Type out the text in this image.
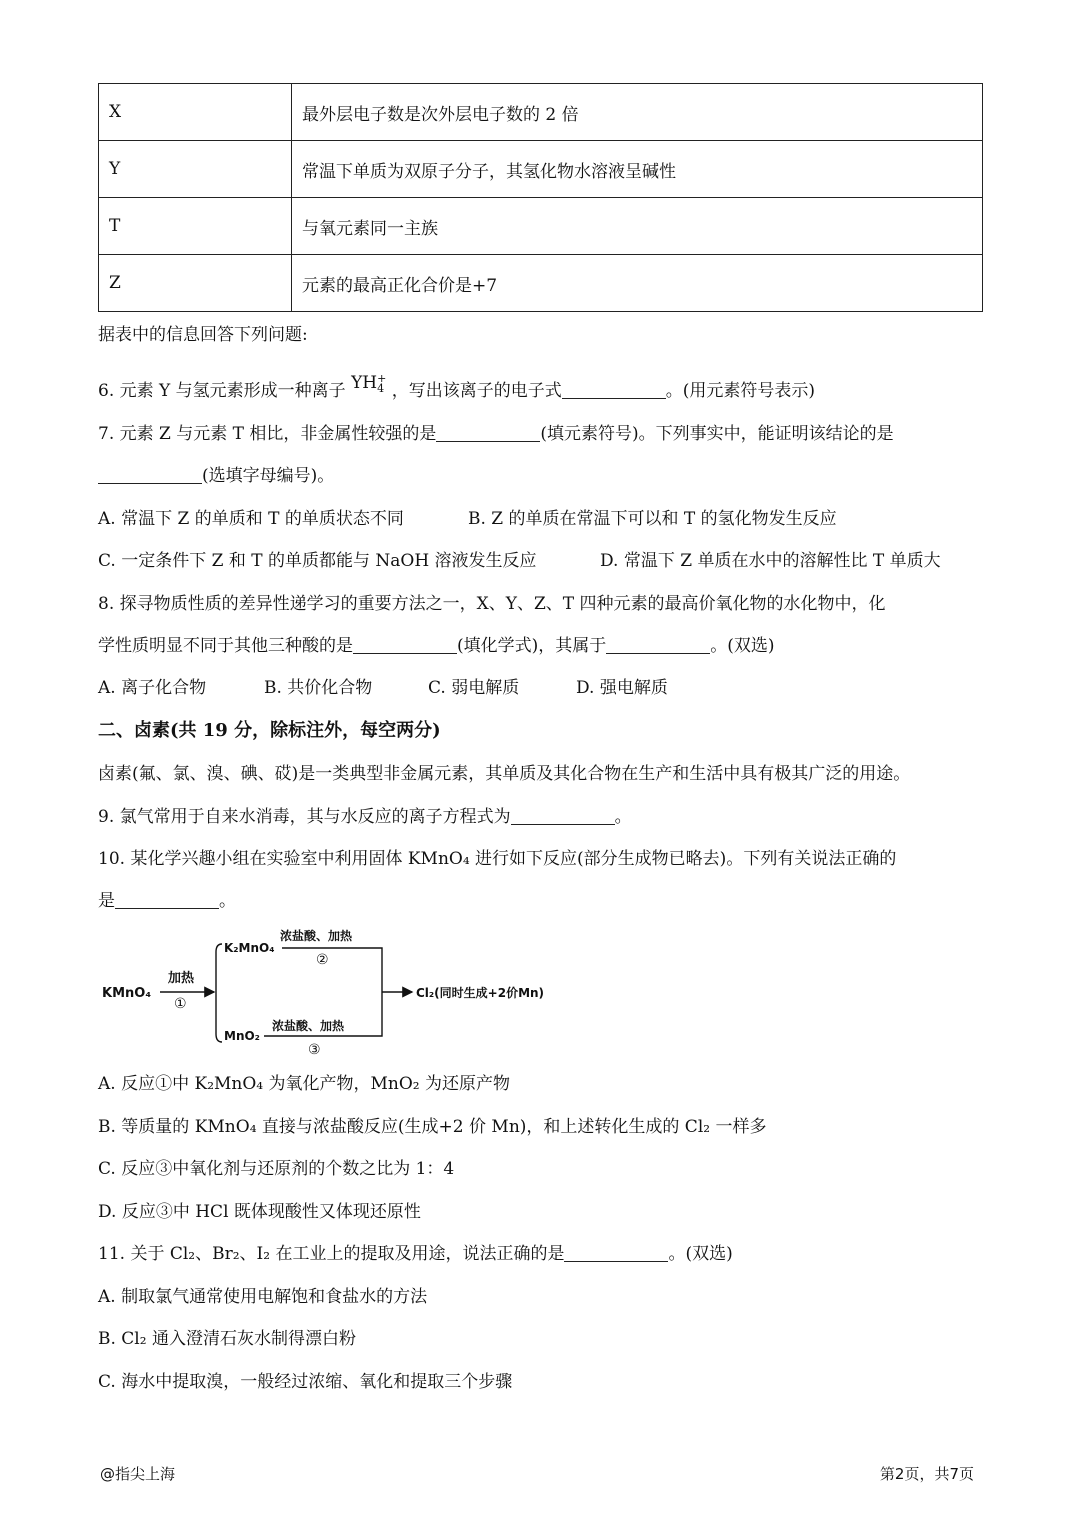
X	最外层电子数是次外层电子数的 2 倍
Y	常温下单质为双原子分子，其氢化物水溶液呈碱性
T	与氧元素同一主族
Z	元素的最高正化合价是+7
据表中的信息回答下列问题:
6. 元素 Y 与氢元素形成一种离子 YH +
4 ，写出该离子的电子式	。(用元素符号表示)
7. 元素 Z 与元素 T 相比，非金属性较强的是	(填元素符号)。下列事实中，能证明该结论的是
(选填字母编号)。
A. 常温下 Z 的单质和 T 的单质状态不同	B. Z 的单质在常温下可以和 T 的氢化物发生反应
C. 一定条件下 Z 和 T 的单质都能与 NaOH 溶液发生反应	D. 常温下 Z 单质在水中的溶解性比 T 单质大
8. 探寻物质性质的差异性递学习的重要方法之一，X、Y、Z、T 四种元素的最高价氧化物的水化物中，化
学性质明显不同于其他三种酸的是	(填化学式)，其属于	。(双选)
A. 离子化合物	B. 共价化合物	C. 弱电解质	D. 强电解质
二、卤素(共 19 分，除标注外，每空两分)
卤素(氟、氯、溴、碘、砹)是一类典型非金属元素，其单质及其化合物在生产和生活中具有极其广泛的用途。
9. 氯气常用于自来水消毒，其与水反应的离子方程式为	。
10. 某化学兴趣小组在实验室中利用固体 KMnO₄ 进行如下反应(部分生成物已略去)。下列有关说法正确的
是	。
KMnO₄
加热
①
K₂MnO₄
浓盐酸、加热
②
MnO₂
浓盐酸、加热
③
Cl₂(同时生成+2价Mn)
A. 反应①中 K₂MnO₄ 为氧化产物，MnO₂ 为还原产物
B. 等质量的 KMnO₄ 直接与浓盐酸反应(生成+2 价 Mn)，和上述转化生成的 Cl₂ 一样多
C. 反应③中氧化剂与还原剂的个数之比为 1：4
D. 反应③中 HCl 既体现酸性又体现还原性
11. 关于 Cl₂、Br₂、I₂ 在工业上的提取及用途，说法正确的是	。(双选)
A. 制取氯气通常使用电解饱和食盐水的方法
B. Cl₂ 通入澄清石灰水制得漂白粉
C. 海水中提取溴，一般经过浓缩、氧化和提取三个步骤
@指尖上海	第2页，共7页
